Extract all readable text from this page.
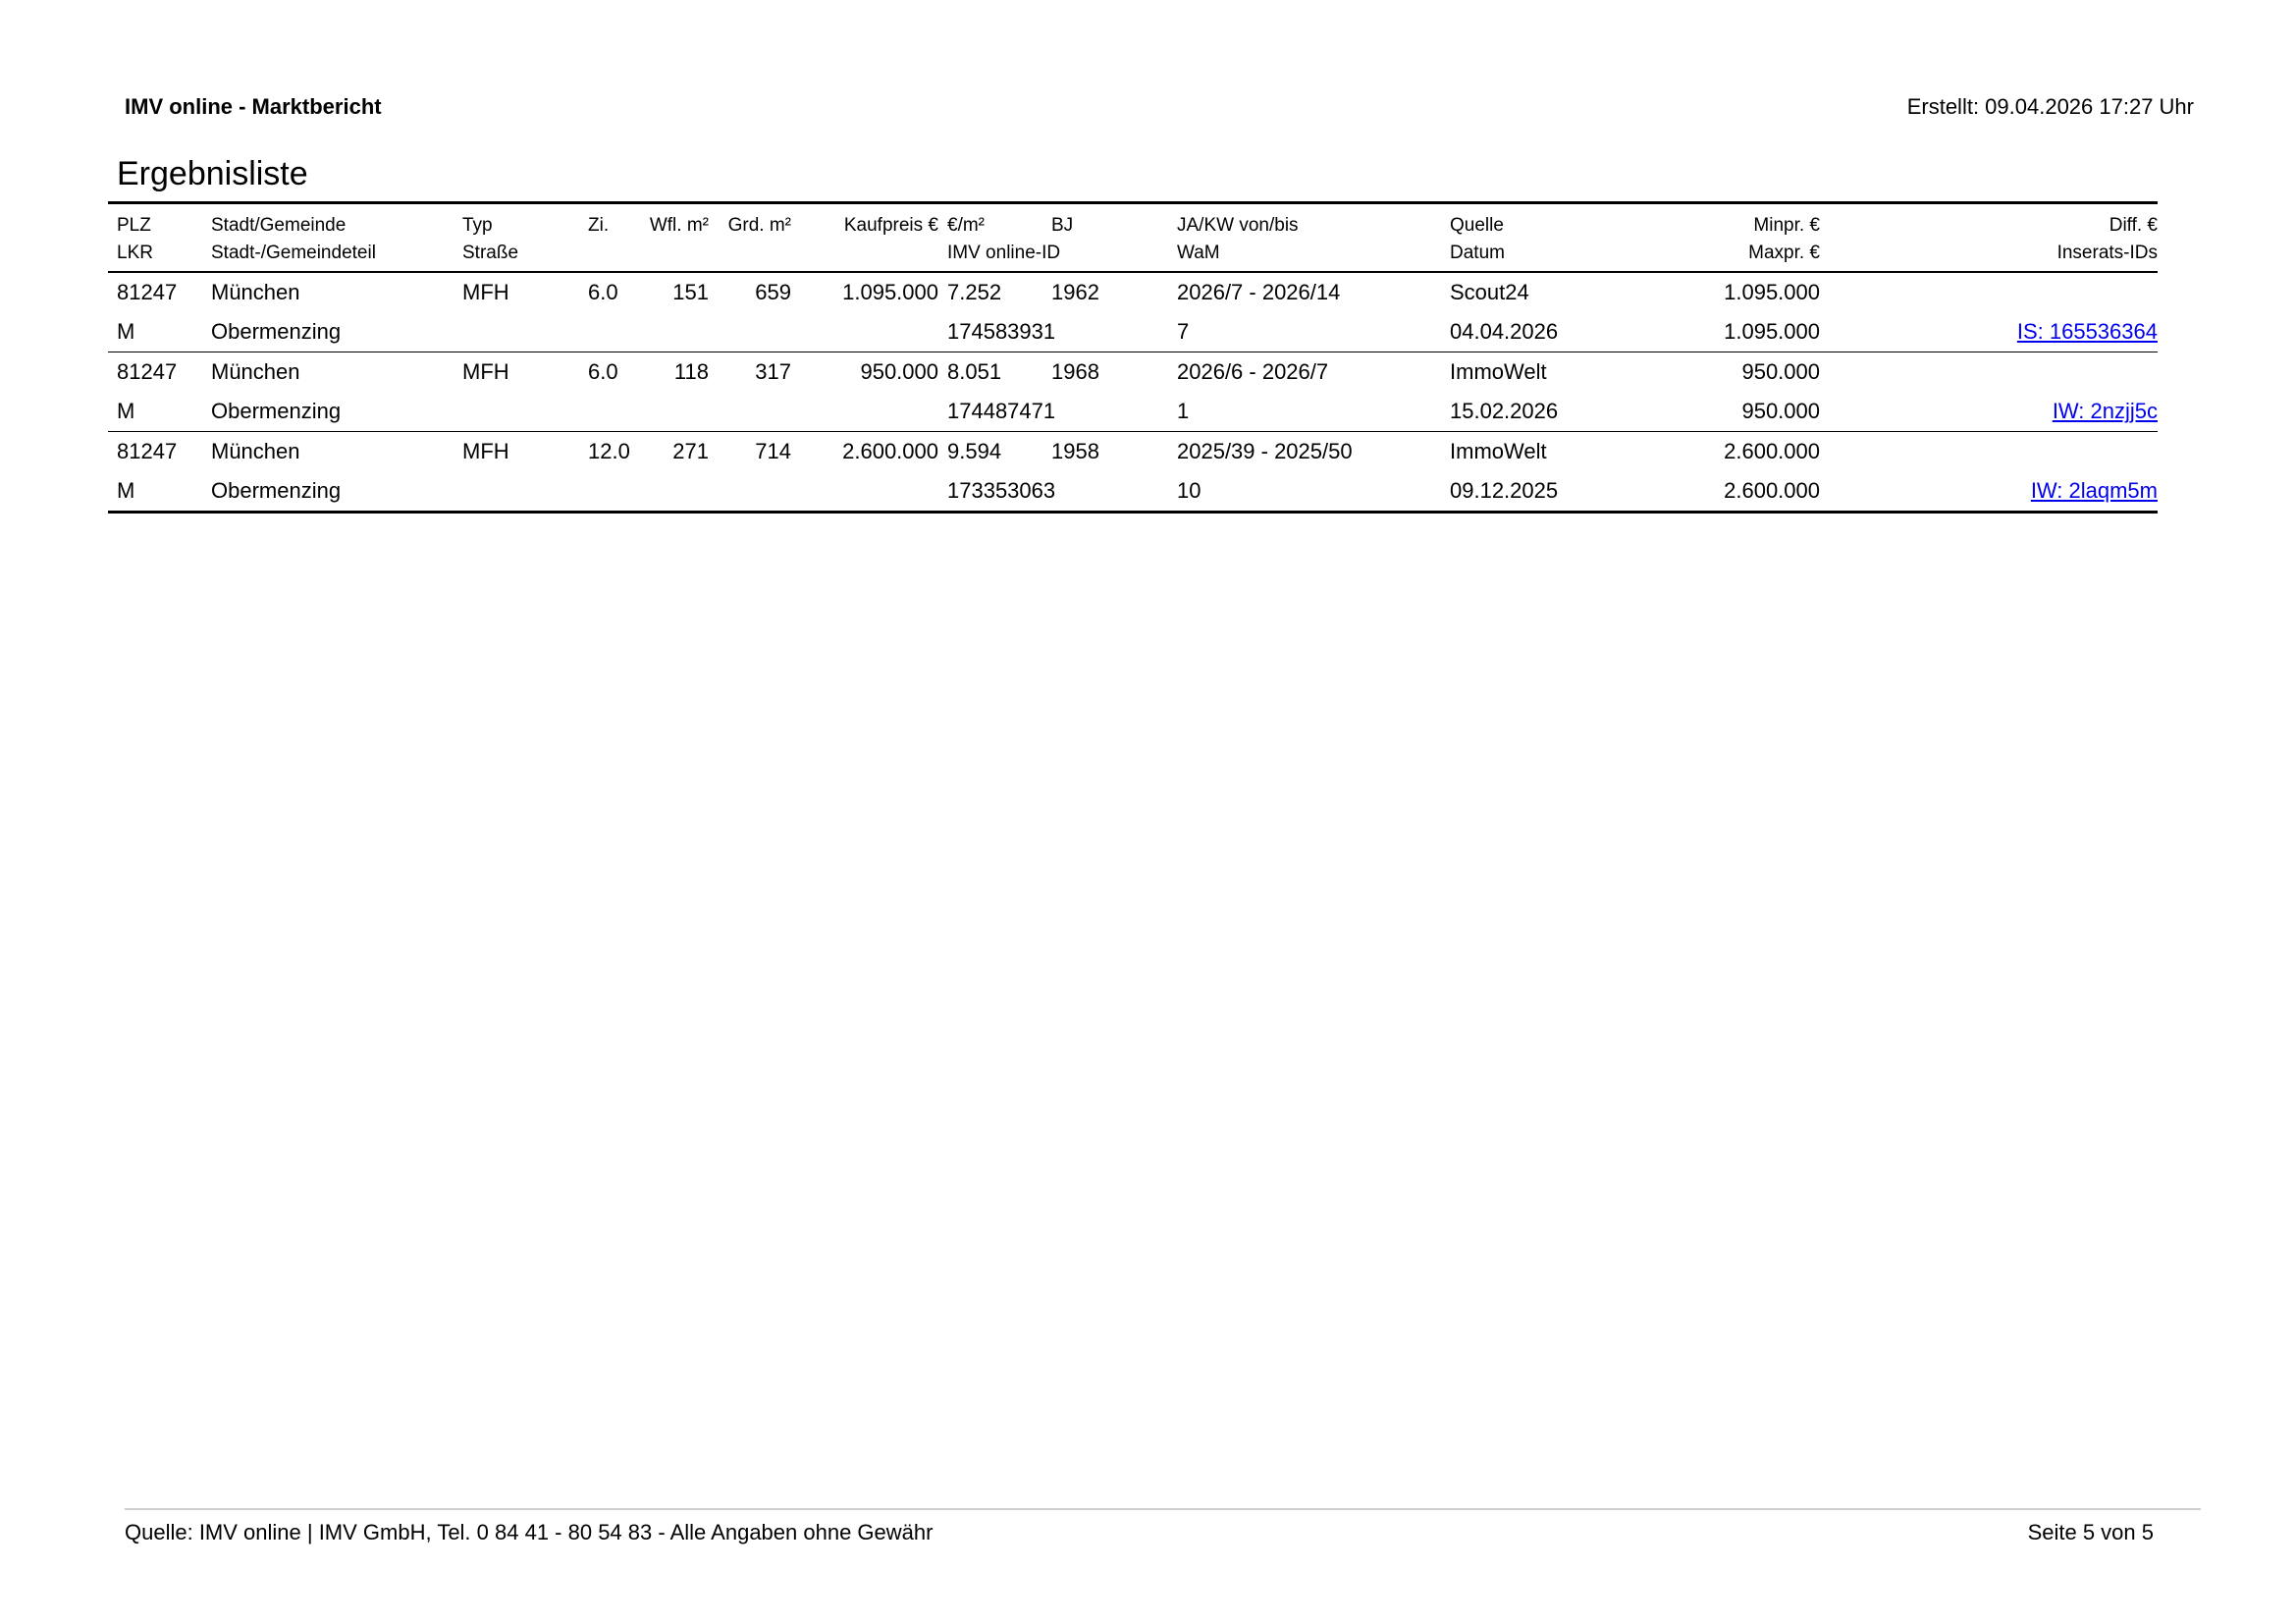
IMV online - Marktbericht	Erstellt: 09.04.2026 17:27 Uhr
Ergebnisliste
PLZ	Stadt/Gemeinde	Typ	Zi.	Wfl. m²	Grd. m²	Kaufpreis €	€/m²	BJ	JA/KW von/bis	Quelle	Minpr. €	Diff. €
LKR	Stadt-/Gemeindeteil	Straße					IMV online-ID		WaM	Datum	Maxpr. €	Inserats-IDs
81247	München	MFH	6.0	151	659	1.095.000	7.252	1962	2026/7 - 2026/14	Scout24	1.095.000	
M	Obermenzing						174583931		7	04.04.2026	1.095.000	IS: 165536364
81247	München	MFH	6.0	118	317	950.000	8.051	1968	2026/6 - 2026/7	ImmoWelt	950.000	
M	Obermenzing						174487471		1	15.02.2026	950.000	IW: 2nzjj5c
81247	München	MFH	12.0	271	714	2.600.000	9.594	1958	2025/39 - 2025/50	ImmoWelt	2.600.000	
M	Obermenzing						173353063		10	09.12.2025	2.600.000	IW: 2laqm5m
Quelle: IMV online | IMV GmbH, Tel. 0 84 41 - 80 54 83 - Alle Angaben ohne Gewähr	Seite 5 von 5
